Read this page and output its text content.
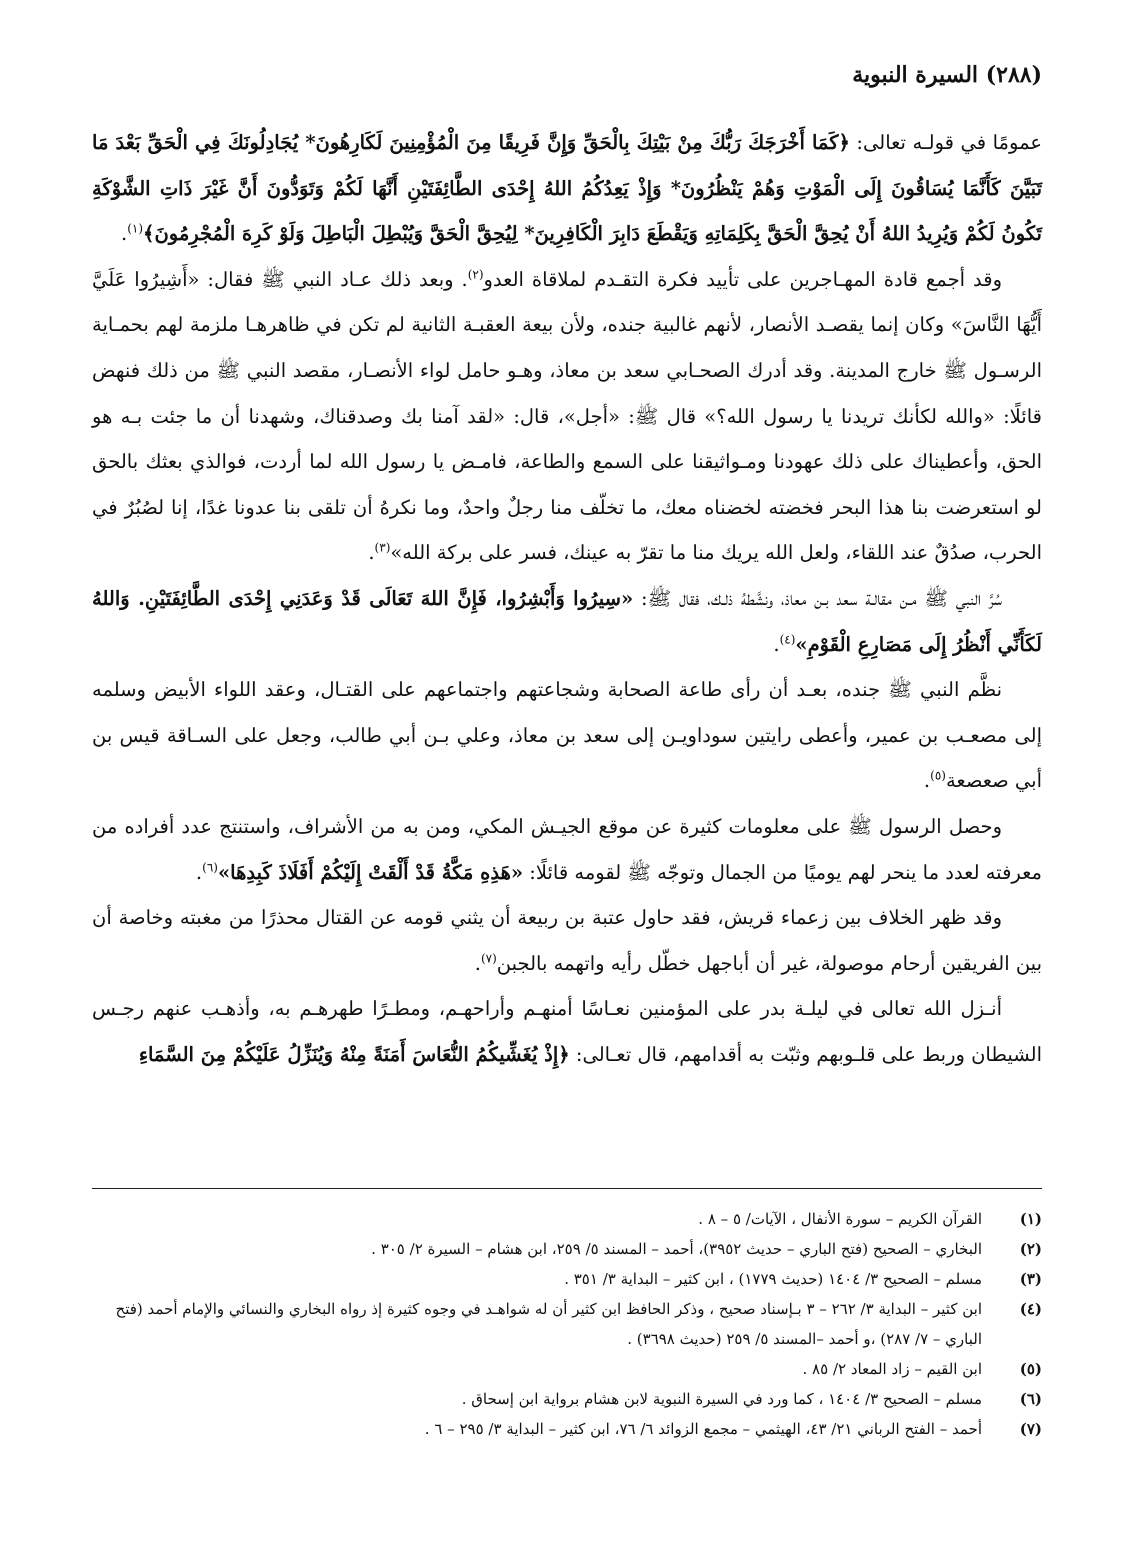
(٢٨٨) السيرة النبوية

عمومًا في قولـه تعالى: ﴿كَمَا أَخْرَجَكَ رَبُّكَ مِنْ بَيْتِكَ بِالْحَقِّ وَإِنَّ فَرِيقًا مِنَ الْمُؤْمِنِينَ لَكَارِهُونَ* يُجَادِلُونَكَ فِي الْحَقِّ بَعْدَ مَا تَبَيَّنَ كَأَنَّمَا يُسَاقُونَ إِلَى الْمَوْتِ وَهُمْ يَنْظُرُونَ* وَإِذْ يَعِدُكُمُ اللهُ إِحْدَى الطَّائِفَتَيْنِ أَنَّهَا لَكُمْ وَتَوَدُّونَ أَنَّ غَيْرَ ذَاتِ الشَّوْكَةِ تَكُونُ لَكُمْ وَيُرِيدُ اللهُ أَنْ يُحِقَّ الْحَقَّ بِكَلِمَاتِهِ وَيَقْطَعَ دَابِرَ الْكَافِرِينَ* لِيُحِقَّ الْحَقَّ وَيُبْطِلَ الْبَاطِلَ وَلَوْ كَرِهَ الْمُجْرِمُونَ﴾$^{(١)}$.

وقد أجمع قادة المهـاجرين على تأييد فكرة التقـدم لملاقاة العدو$^{(٢)}$. وبعد ذلك عـاد النبي ﷺ فقال: «أَشِيرُوا عَلَيَّ أَيُّهَا النَّاسَ» وكان إنما يقصـد الأنصار، لأنهم غالبية جنده، ولأن بيعة العقبـة الثانية لم تكن في ظاهرهـا ملزمة لهم بحمـاية الرسـول ﷺ خارج المدينة. وقد أدرك الصحـابي سعد بن معاذ، وهـو حامل لواء الأنصـار، مقصد النبي ﷺ من ذلك فنهض قائلًا: «والله لكأنك تريدنا يا رسول الله؟» قال ﷺ: «أجل»، قال: «لقد آمنا بك وصدقناك، وشهدنا أن ما جئت بـه هو الحق، وأعطيناك على ذلك عهودنا ومـواثيقنا على السمع والطاعة، فامـض يا رسول الله لما أردت، فوالذي بعثك بالحق لو استعرضت بنا هذا البحر فخضته لخضناه معك، ما تخلّف منا رجلٌ واحدٌ، وما نكرهُ أن تلقى بنا عدونا غدًا، إنا لصُبُرٌ في الحرب، صدُقٌ عند اللقاء، ولعل الله يريك منا ما تقرّ به عينك، فسر على بركة الله»$^{(٣)}$.

سُرَّ النبي ﷺ مـن مقالـة سعد بـن معاذ، ونشَّطهُ ذلـك، فقال ﷺ: «سِيرُوا وَأَبْشِرُوا، فَإِنَّ اللهَ تَعَالَى قَدْ وَعَدَنِي إِحْدَى الطَّائِفَتَيْنِ. وَاللهُ لَكَأَنِّي أَنْظُرُ إِلَى مَصَارِعِ الْقَوْمِ»$^{(٤)}$.

نظَّم النبي ﷺ جنده، بعـد أن رأى طاعة الصحابة وشجاعتهم واجتماعهم على القتـال، وعقد اللواء الأبيض وسلمه إلى مصعـب بن عمير، وأعطى رايتين سوداويـن إلى سعد بن معاذ، وعلي بـن أبي طالب، وجعل على السـاقة قيس بن أبي صعصعة$^{(٥)}$.

وحصل الرسول ﷺ على معلومات كثيرة عن موقع الجيـش المكي، ومن به من الأشراف، واستنتج عدد أفراده من معرفته لعدد ما ينحر لهم يوميًا من الجمال وتوجّه ﷺ لقومه قائلًا: «هَذِهِ مَكَّةُ قَدْ أَلْقَتْ إِلَيْكُمْ أَفَلَاذَ كَبِدِهَا»$^{(٦)}$.

وقد ظهر الخلاف بين زعماء قريش، فقد حاول عتبة بن ربيعة أن يثني قومه عن القتال محذرًا من مغبته وخاصة أن بين الفريقين أرحام موصولة، غير أن أباجهل خطّل رأيه واتهمه بالجبن$^{(٧)}$.

أنـزل الله تعالى في ليلـة بدر على المؤمنين نعـاسًا أمنهـم وأراحهـم، ومطـرًا طهرهـم به، وأذهـب عنهم رجـس الشيطان وربط على قلـوبهم وثبّت به أقدامهم، قال تعـالى: ﴿إِذْ يُغَشِّيكُمُ النُّعَاسَ أَمَنَةً مِنْهُ وَيُنَزِّلُ عَلَيْكُمْ مِنَ السَّمَاءِ

(١)
القرآن الكريم – سورة الأنفال ، الآيات/ ٥ – ٨ .
(٢)
البخاري – الصحيح (فتح الباري – حديث ٣٩٥٢)، أحمد – المسند ٥/ ٢٥٩، ابن هشام – السيرة ٢/ ٣٠٥ .
(٣)
مسلم – الصحيح ٣/ ١٤٠٤ (حديث ١٧٧٩) ، ابن كثير – البداية ٣/ ٣٥١ .
(٤)
ابن كثير – البداية ٣/ ٢٦٢ – ٣ بـإسناد صحيح ، وذكر الحافظ ابن كثير أن له شواهـد في وجوه كثيرة إذ رواه البخاري والنسائي والإمام أحمد (فتح الباري – ٧/ ٢٨٧) ،و أحمد –المسند ٥/ ٢٥٩ (حديث ٣٦٩٨) .
(٥)
ابن القيم – زاد المعاد ٢/ ٨٥ .
(٦)
مسلم – الصحيح ٣/ ١٤٠٤ ، كما ورد في السيرة النبوية لابن هشام برواية ابن إسحاق .
(٧)
أحمد – الفتح الرباني ٢١/ ٤٣، الهيثمي – مجمع الزوائد ٦/ ٧٦، ابن كثير – البداية ٣/ ٢٩٥ – ٦ .
